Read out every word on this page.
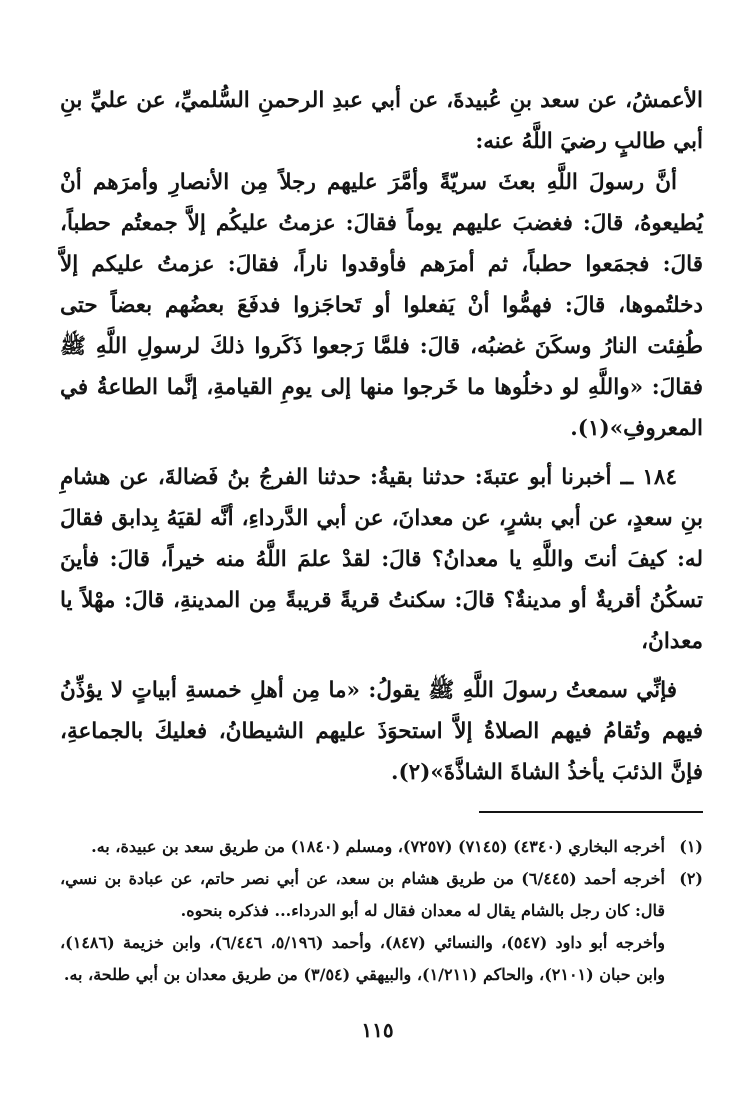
الأعمشُ، عن سعد بنِ عُبيدةَ، عن أبي عبدِ الرحمنِ السُّلميِّ، عن عليِّ بنِ أبي طالبٍ رضيَ اللَّهُ عنه:

أنَّ رسولَ اللَّهِ بعثَ سريّةً وأمَّرَ عليهم رجلاً مِن الأنصارِ وأمرَهم أنْ يُطيعوهُ، قالَ: فغضبَ عليهم يوماً فقالَ: عزمتُ عليكُم إلاَّ جمعتُم حطباً، قالَ: فجمَعوا حطباً، ثم أمرَهم فأوقدوا ناراً، فقالَ: عزمتُ عليكم إلاَّ دخلتُموها، قالَ: فهمُّوا أنْ يَفعلوا أو تَحاجَزوا فدفَعَ بعضُهم بعضاً حتى طُفِئت النارُ وسكَنَ غضبُه، قالَ: فلمَّا رَجعوا ذَكَروا ذلكَ لرسولِ اللَّهِ ﷺ فقالَ: «واللَّهِ لو دخلُوها ما خَرجوا منها إلى يومِ القيامةِ، إنَّما الطاعةُ في المعروفِ»(١).

١٨٤ ــ أخبرنا أبو عتبةَ: حدثنا بقيةُ: حدثنا الفرجُ بنُ فَضالةَ، عن هشامِ بنِ سعدٍ، عن أبي بشرٍ، عن معدانَ، عن أبي الدَّرداءِ، أنَّه لقيَهُ بِدابق فقالَ له: كيفَ أنتَ واللَّهِ يا معدانُ؟ قالَ: لقدْ علمَ اللَّهُ منه خيراً، قالَ: فأينَ تسكُنُ أقريةٌ أو مدينةٌ؟ قالَ: سكنتُ قريةً قريبةً مِن المدينةِ، قالَ: مهْلاً يا معدانُ،

فإنِّي سمعتُ رسولَ اللَّهِ ﷺ يقولُ: «ما مِن أهلِ خمسةِ أبياتٍ لا يؤذِّنُ فيهم وتُقامُ فيهم الصلاةُ إلاَّ استحوَذَ عليهم الشيطانُ، فعليكَ بالجماعةِ، فإنَّ الذئبَ يأخذُ الشاةَ الشاذَّةَ»(٢).

(١)
أخرجه البخاري (٤٣٤٠) (٧١٤٥) (٧٢٥٧)، ومسلم (١٨٤٠) من طريق سعد بن عبيدة، به.
(٢)
أخرجه أحمد (٦/٤٤٥) من طريق هشام بن سعد، عن أبي نصر حاتم، عن عبادة بن نسي، قال: كان رجل بالشام يقال له معدان فقال له أبو الدرداء... فذكره بنحوه.
وأخرجه أبو داود (٥٤٧)، والنسائي (٨٤٧)، وأحمد (٥/١٩٦، ٦/٤٤٦)، وابن خزيمة (١٤٨٦)، وابن حبان (٢١٠١)، والحاكم (١/٢١١)، والبيهقي (٣/٥٤) من طريق معدان بن أبي طلحة، به.
١١٥
